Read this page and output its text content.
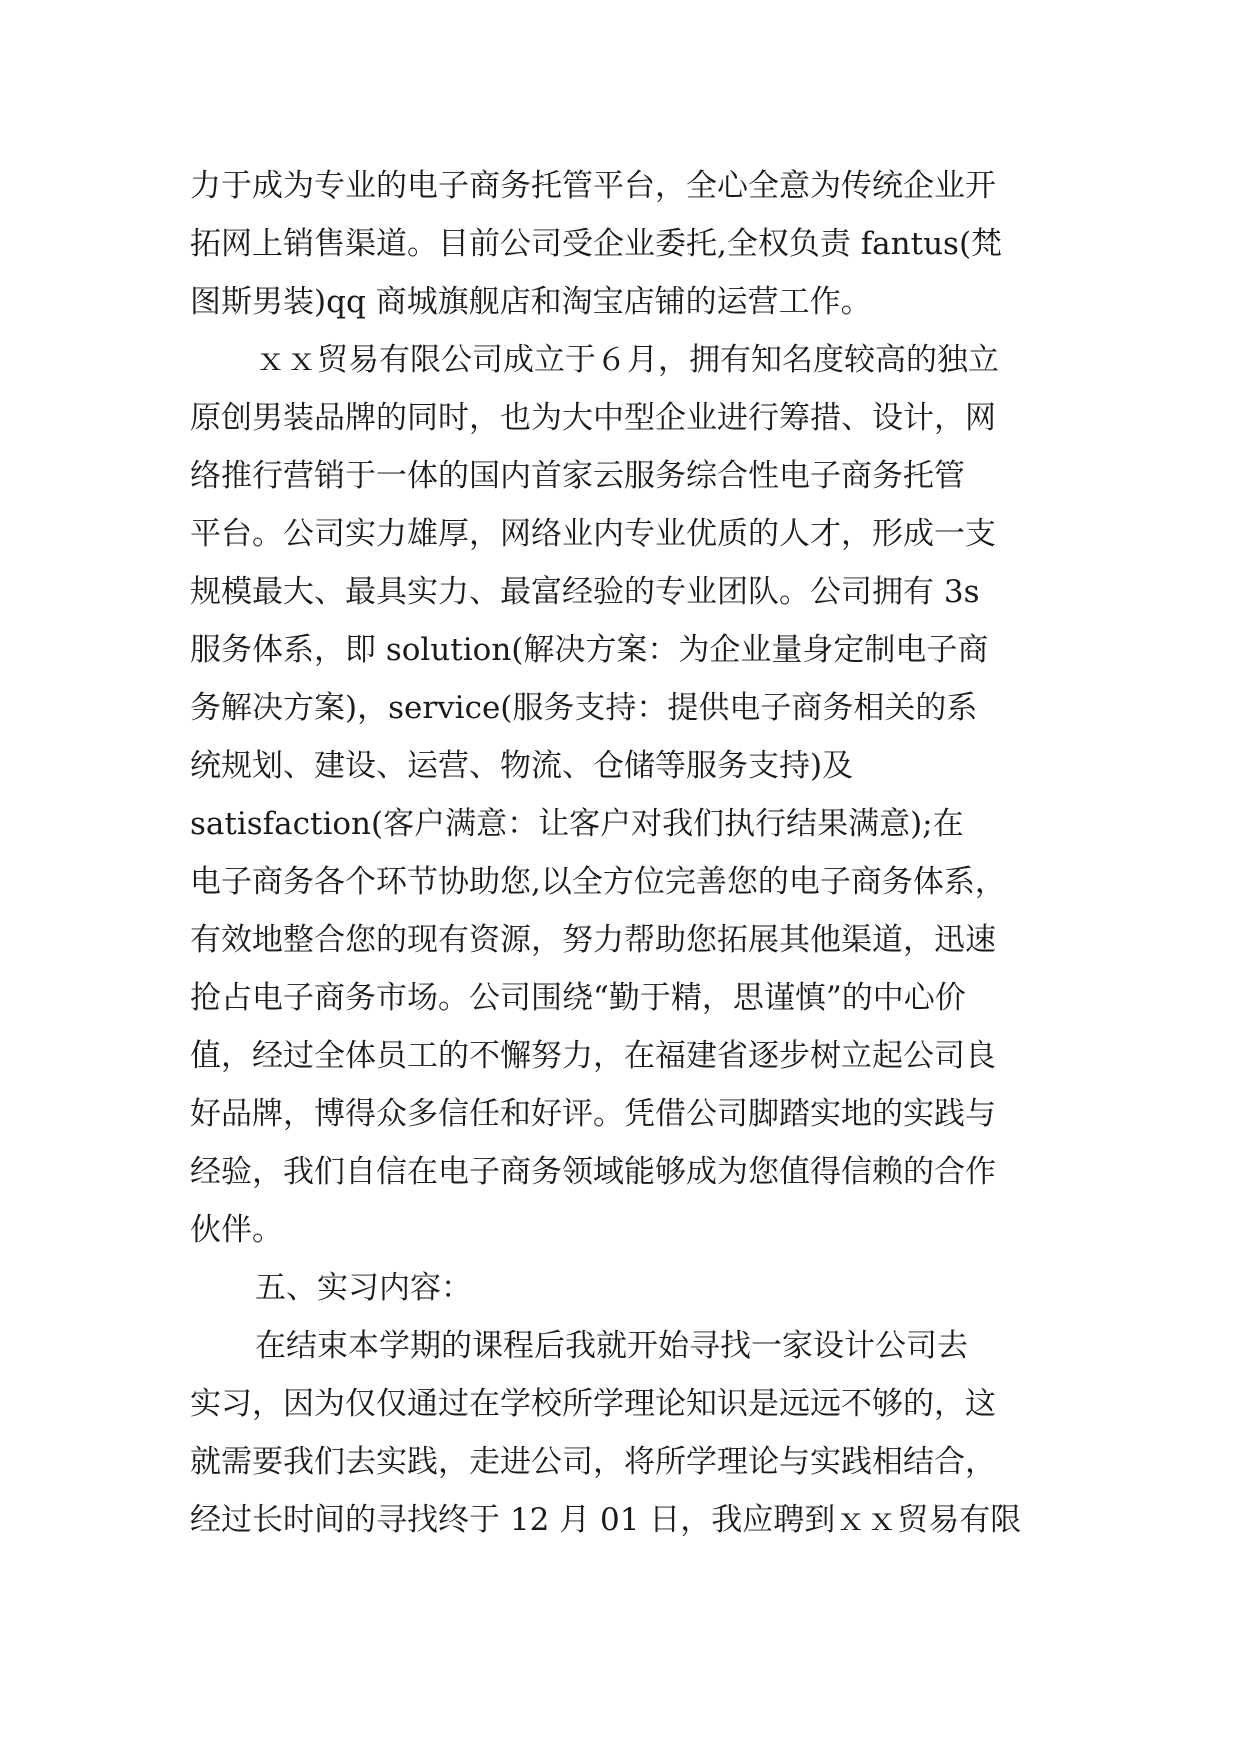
力于成为专业的电子商务托管平台，全心全意为传统企业开
拓网上销售渠道。目前公司受企业委托,全权负责 fantus(梵
图斯男装)qq 商城旗舰店和淘宝店铺的运营工作。
ｘｘ贸易有限公司成立于６月，拥有知名度较高的独立
原创男装品牌的同时，也为大中型企业进行筹措、设计，网
络推行营销于一体的国内首家云服务综合性电子商务托管
平台。公司实力雄厚，网络业内专业优质的人才，形成一支
规模最大、最具实力、最富经验的专业团队。公司拥有 3s
服务体系，即 solution(解决方案：为企业量身定制电子商
务解决方案)，service(服务支持：提供电子商务相关的系
统规划、建设、运营、物流、仓储等服务支持)及
satisfaction(客户满意：让客户对我们执行结果满意);在
电子商务各个环节协助您,以全方位完善您的电子商务体系，
有效地整合您的现有资源，努力帮助您拓展其他渠道，迅速
抢占电子商务市场。公司围绕“勤于精，思谨慎”的中心价
值，经过全体员工的不懈努力，在福建省逐步树立起公司良
好品牌，博得众多信任和好评。凭借公司脚踏实地的实践与
经验，我们自信在电子商务领域能够成为您值得信赖的合作
伙伴。
五、实习内容：
在结束本学期的课程后我就开始寻找一家设计公司去
实习，因为仅仅通过在学校所学理论知识是远远不够的，这
就需要我们去实践，走进公司，将所学理论与实践相结合，
经过长时间的寻找终于 12 月 01 日，我应聘到ｘｘ贸易有限
